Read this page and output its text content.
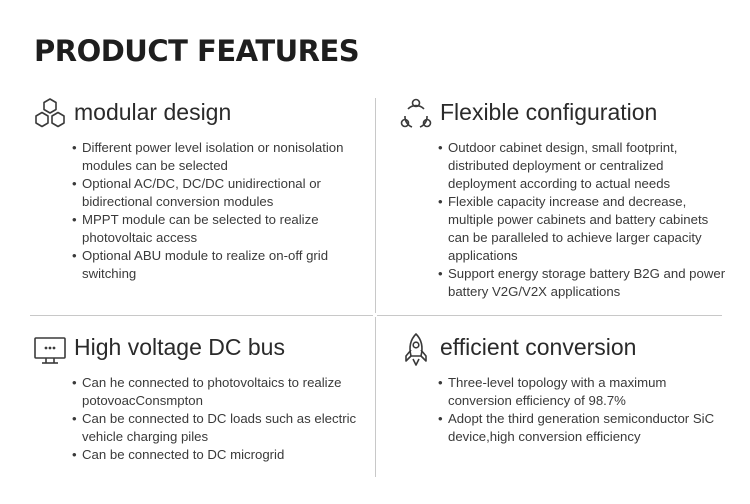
PRODUCT FEATURES
modular design
• Different power level isolation or nonisolation modules can be selected
• Optional AC/DC, DC/DC unidirectional or bidirectional conversion modules
• MPPT module can be selected to realize photovoltaic access
• Optional ABU module to realize on-off grid switching
Flexible configuration
• Outdoor cabinet design, small footprint, distributed deployment or centralized deployment according to actual needs
• Flexible capacity increase and decrease, multiple power cabinets and battery cabinets can be paralleled to achieve larger capacity applications
• Support energy storage battery B2G and power battery V2G/V2X applications
High voltage DC bus
• Can he connected to photovoltaics to realize potovoacConsmpton
• Can be connected to DC loads such as electric vehicle charging piles
• Can be connected to DC microgrid
efficient conversion
• Three-level topology with a maximum conversion efficiency of 98.7%
• Adopt the third generation semiconductor SiC device,high conversion efficiency
